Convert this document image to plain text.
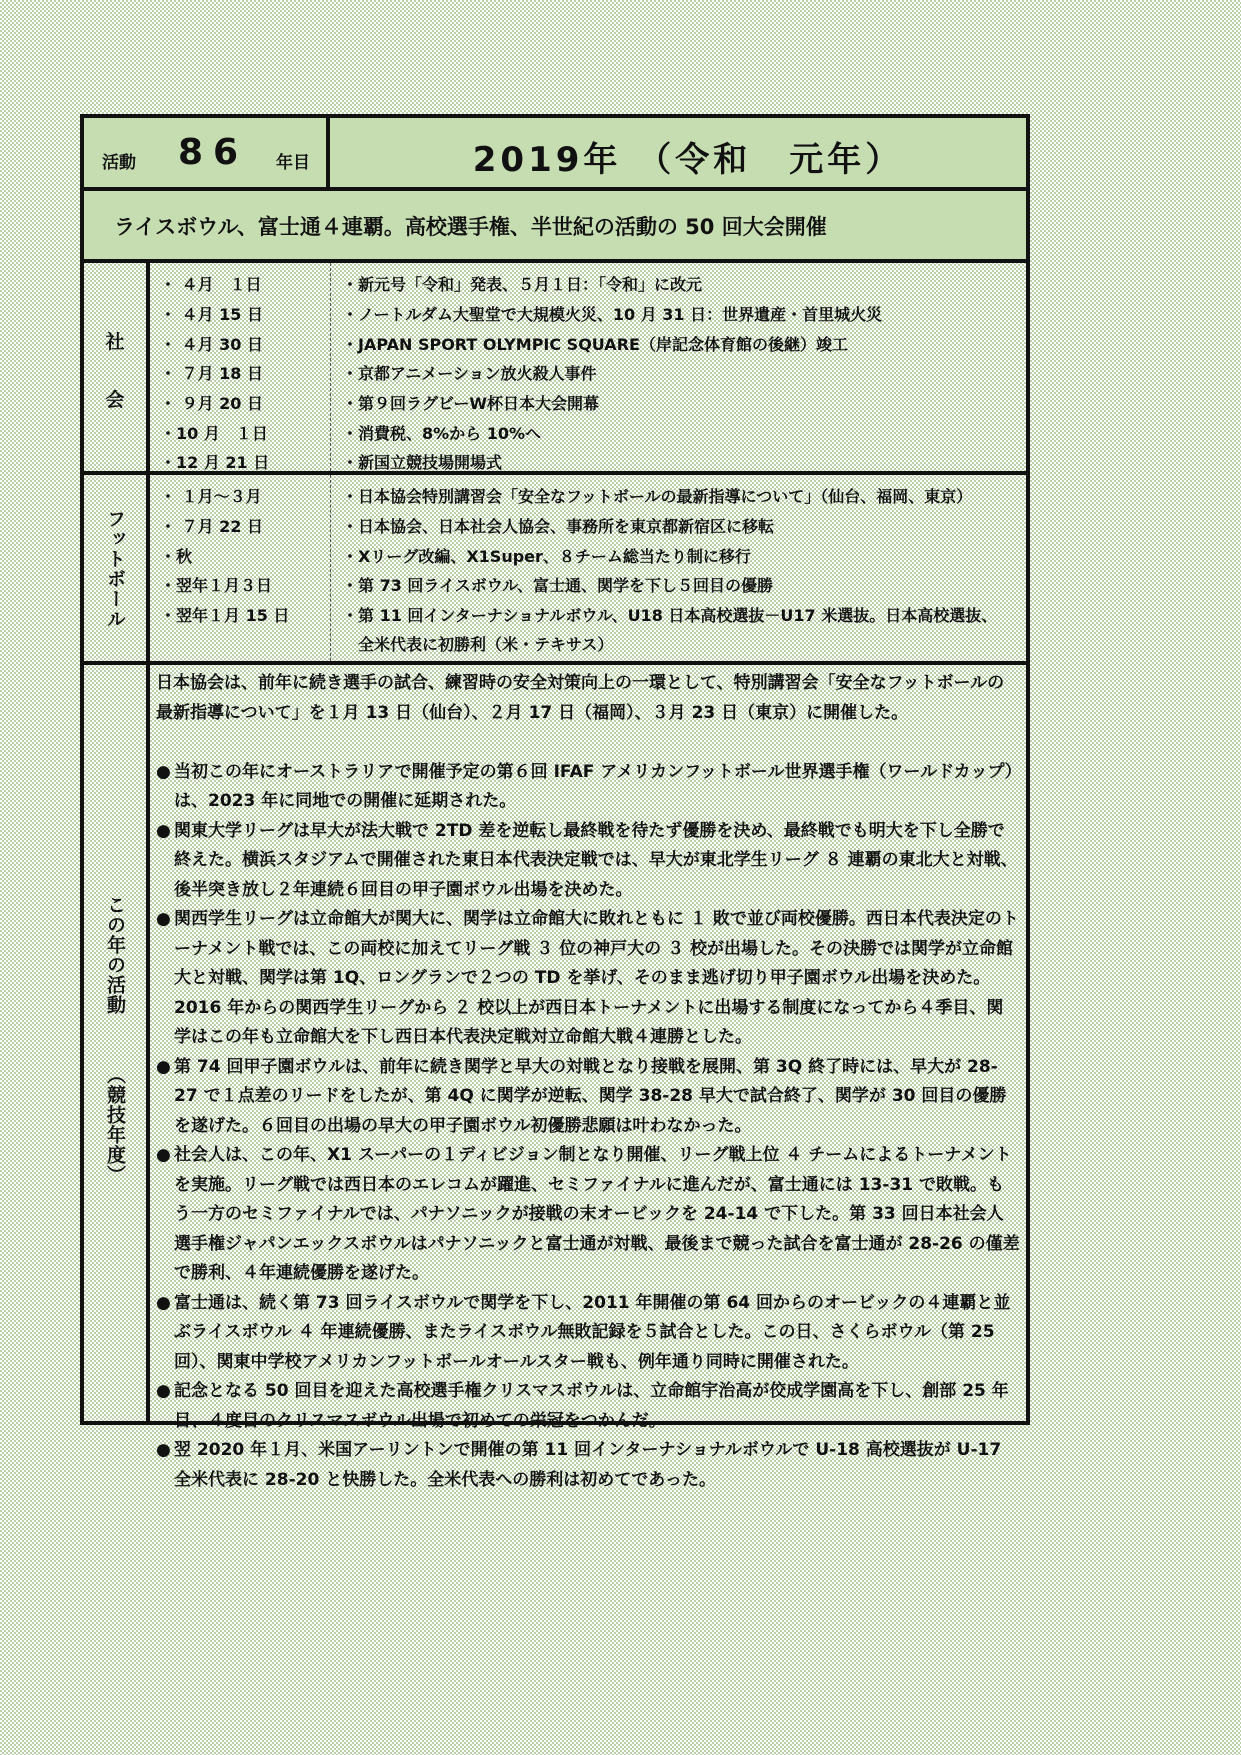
活動 86 年目	2019年 （令和　元年）
ライスボウル、富士通４連覇。高校選手権、半世紀の活動の 50 回大会開催
社
会
・ ４月　１日	・新元号「令和」発表、５月１日：「令和」に改元
・ ４月 15 日	・ノートルダム大聖堂で大規模火災、10 月 31 日：世界遺産・首里城火災
・ ４月 30 日	・JAPAN SPORT OLYMPIC SQUARE（岸記念体育館の後継）竣工
・ ７月 18 日	・京都アニメーション放火殺人事件
・ ９月 20 日	・第９回ラグビーW杯日本大会開幕
・10 月　１日	・消費税、8%から 10%へ
・12 月 21 日	・新国立競技場開場式
フットボール
・ １月～３月	・日本協会特別講習会「安全なフットボールの最新指導について」（仙台、福岡、東京）
・ ７月 22 日	・日本協会、日本社会人協会、事務所を東京都新宿区に移転
・秋	・Xリーグ改編、X1Super、８チーム総当たり制に移行
・翌年１月３日	・第 73 回ライスボウル、富士通、関学を下し５回目の優勝
・翌年１月 15 日	・第 11 回インターナショナルボウル、U18 日本高校選抜－U17 米選抜。日本高校選抜、
全米代表に初勝利（米・テキサス）
この年の活動
（競技年度）

日本協会は、前年に続き選手の試合、練習時の安全対策向上の一環として、特別講習会「安全なフットボールの最新指導について」を１月 13 日（仙台）、２月 17 日（福岡）、３月 23 日（東京）に開催した。

● 当初この年にオーストラリアで開催予定の第６回 IFAF アメリカンフットボール世界選手権（ワールドカップ）は、2023 年に同地での開催に延期された。

● 関東大学リーグは早大が法大戦で 2TD 差を逆転し最終戦を待たず優勝を決め、最終戦でも明大を下し全勝で終えた。横浜スタジアムで開催された東日本代表決定戦では、早大が東北学生リーグ ８ 連覇の東北大と対戦、後半突き放し２年連続６回目の甲子園ボウル出場を決めた。

● 関西学生リーグは立命館大が関大に、関学は立命館大に敗れともに １ 敗で並び両校優勝。西日本代表決定のトーナメント戦では、この両校に加えてリーグ戦 ３ 位の神戸大の ３ 校が出場した。その決勝では関学が立命館大と対戦、関学は第 1Q、ロングランで２つの TD を挙げ、そのまま逃げ切り甲子園ボウル出場を決めた。2016 年からの関西学生リーグから ２ 校以上が西日本トーナメントに出場する制度になってから４季目、関学はこの年も立命館大を下し西日本代表決定戦対立命館大戦４連勝とした。

● 第 74 回甲子園ボウルは、前年に続き関学と早大の対戦となり接戦を展開、第 3Q 終了時には、早大が 28-27 で１点差のリードをしたが、第 4Q に関学が逆転、関学 38-28 早大で試合終了、関学が 30 回目の優勝を遂げた。６回目の出場の早大の甲子園ボウル初優勝悲願は叶わなかった。

● 社会人は、この年、X1 スーパーの１ディビジョン制となり開催、リーグ戦上位 ４ チームによるトーナメントを実施。リーグ戦では西日本のエレコムが躍進、セミファイナルに進んだが、富士通には 13-31 で敗戦。もう一方のセミファイナルでは、パナソニックが接戦の末オービックを 24-14 で下した。第 33 回日本社会人選手権ジャパンエックスボウルはパナソニックと富士通が対戦、最後まで競った試合を富士通が 28-26 の僅差で勝利、４年連続優勝を遂げた。

● 富士通は、続く第 73 回ライスボウルで関学を下し、2011 年開催の第 64 回からのオービックの４連覇と並ぶライスボウル ４ 年連続優勝、またライスボウル無敗記録を５試合とした。この日、さくらボウル（第 25 回）、関東中学校アメリカンフットボールオールスター戦も、例年通り同時に開催された。

● 記念となる 50 回目を迎えた高校選手権クリスマスボウルは、立命館宇治高が佼成学園高を下し、創部 25 年目、４度目のクリスマスボウル出場で初めての栄冠をつかんだ。

● 翌 2020 年１月、米国アーリントンで開催の第 11 回インターナショナルボウルで U-18 高校選抜が U-17 全米代表に 28-20 と快勝した。全米代表への勝利は初めてであった。
